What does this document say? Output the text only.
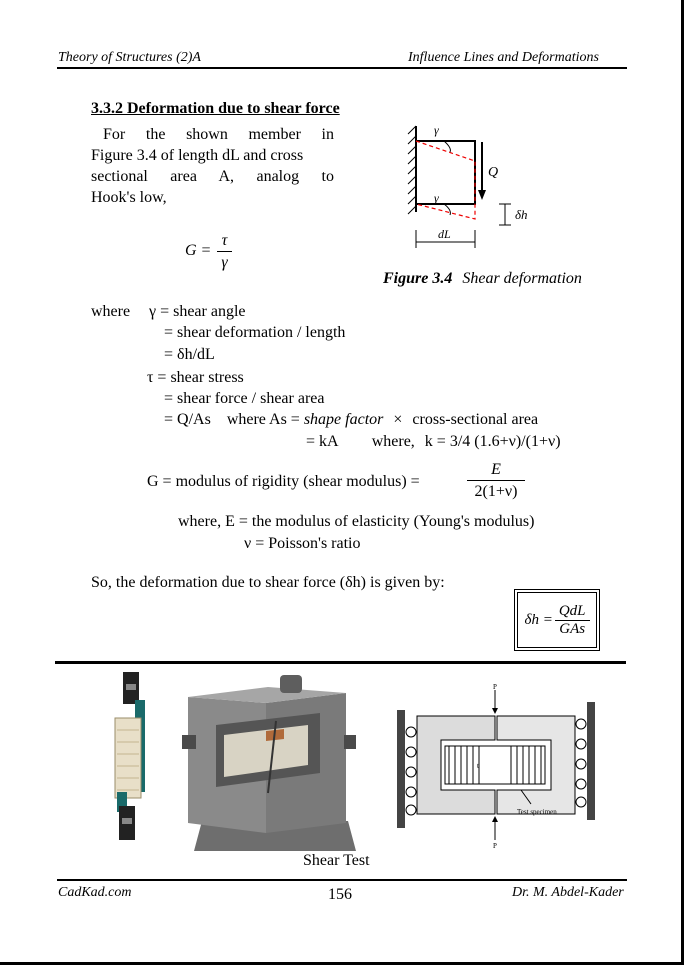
Theory of Structures (2)A	Influence Lines and Deformations
3.3.2 Deformation due to shear force
For the shown member in
Figure 3.4 of length dL and cross
sectional area A, analog to
Hook's low,
$G = \frac{\tau}{\gamma}$
γ
γ
Q
δh
dL
Figure 3.4 Shear deformation
where γ = shear angle
= shear deformation / length
= δh/dL
τ = shear stress
= shear force / shear area
= Q/As where As = shape factor × cross-sectional area
= kA where, k = 3/4 (1.6+ν)/(1+ν)
G = modulus of rigidity (shear modulus) =	$\frac{E}{2(1+\nu)}$
where, E = the modulus of elasticity (Young's modulus)
ν = Poisson's ratio
So, the deformation due to shear force (δh) is given by:
$\delta h = \frac{\text{QdL}}{\text{GAs}}$
P
P
t
Test specimen
Shear Test
CadKad.com	156	Dr. M. Abdel-Kader
